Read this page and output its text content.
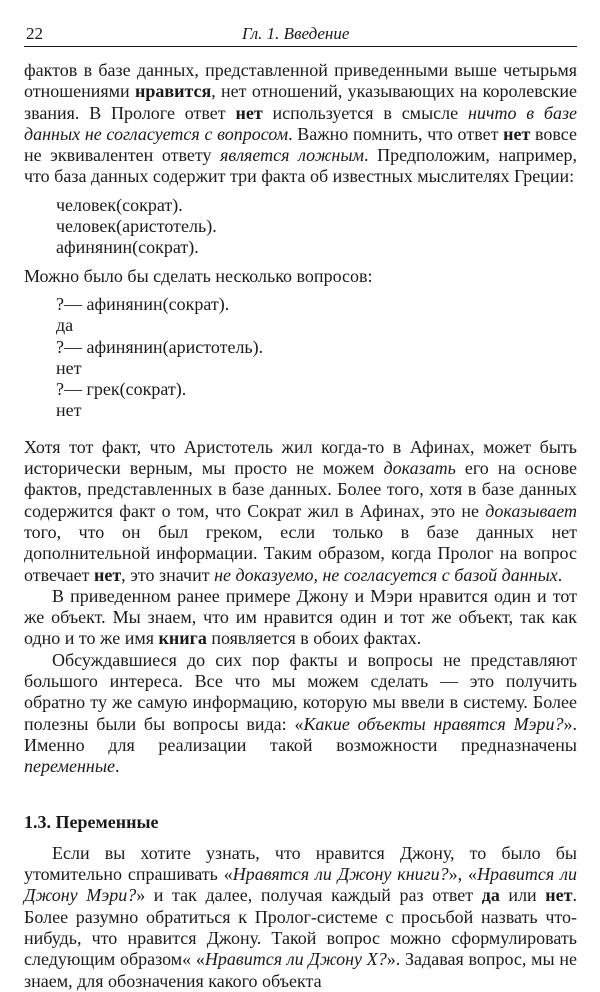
22	Гл. 1. Введение

фактов в базе данных, представленной приведенными выше четырьмя отношениями нравится, нет отношений, указывающих на королевские звания. В Прологе ответ нет используется в смысле ничто в базе данных не согласуется с вопросом. Важно помнить, что ответ нет вовсе не эквивалентен ответу является ложным. Предположим, например, что база данных содержит три факта об известных мыслителях Греции:

человек(сократ).
человек(аристотель).
афинянин(сократ).

Можно было бы сделать несколько вопросов:

?— афинянин(сократ).
да
?— афинянин(аристотель).
нет
?— грек(сократ).
нет

Хотя тот факт, что Аристотель жил когда-то в Афинах, может быть исторически верным, мы просто не можем доказать его на основе фактов, представленных в базе данных. Более того, хотя в базе данных содержится факт о том, что Сократ жил в Афинах, это не доказывает того, что он был греком, если только в базе данных нет дополнительной информации. Таким образом, когда Пролог на вопрос отвечает нет, это значит не доказуемо, не согласуется с базой данных.

В приведенном ранее примере Джону и Мэри нравится один и тот же объект. Мы знаем, что им нравится один и тот же объект, так как одно и то же имя книга появляется в обоих фактах.

Обсуждавшиеся до сих пор факты и вопросы не представляют большого интереса. Все что мы можем сделать — это получить обратно ту же самую информацию, которую мы ввели в систему. Более полезны были бы вопросы вида: «Какие объекты нравятся Мэри?». Именно для реализации такой возможности предназначены переменные.

1.3. Переменные

Если вы хотите узнать, что нравится Джону, то было бы утомительно спрашивать «Нравятся ли Джону книги?», «Нравится ли Джону Мэри?» и так далее, получая каждый раз ответ да или нет. Более разумно обратиться к Пролог-системе с просьбой назвать что-нибудь, что нравится Джону. Такой вопрос можно сформулировать следующим образом« «Нравится ли Джону X?». Задавая вопрос, мы не знаем, для обозначения какого объекта
